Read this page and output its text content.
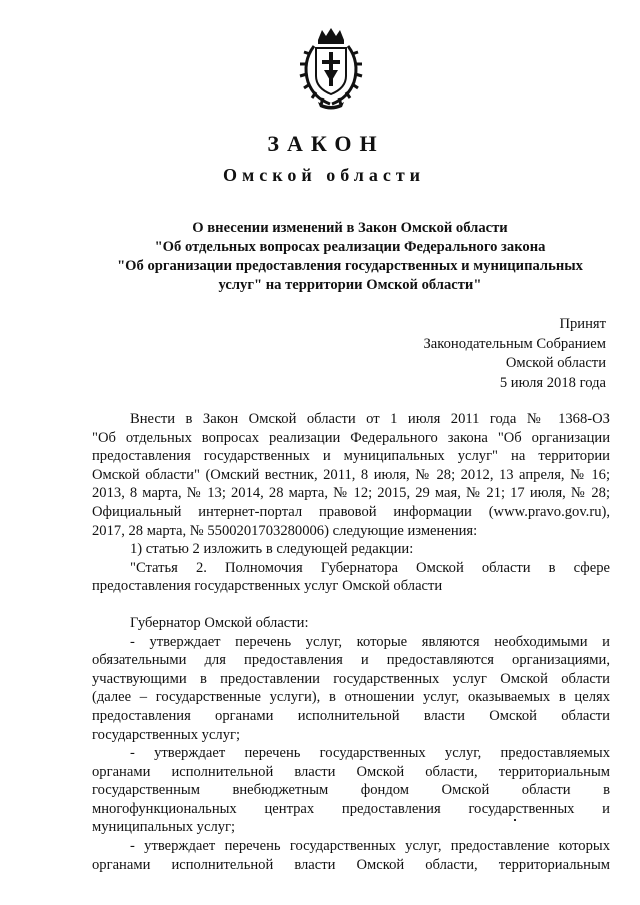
ЗАКОН
Омской области
О внесении изменений в Закон Омской области
"Об отдельных вопросах реализации Федерального закона
"Об организации предоставления государственных и муниципальных
услуг" на территории Омской области"
Принят
Законодательным Собранием
Омской области
5 июля 2018 года
Внести в Закон Омской области от 1 июля 2011 года № 1368-ОЗ
"Об отдельных вопросах реализации Федерального закона "Об организации
предоставления государственных и муниципальных услуг" на территории
Омской области" (Омский вестник, 2011, 8 июля, № 28; 2012, 13 апреля, № 16;
2013, 8 марта, № 13; 2014, 28 марта, № 12; 2015, 29 мая, № 21; 17 июля, № 28;
Официальный интернет-портал правовой информации (www.pravo.gov.ru),
2017, 28 марта, № 5500201703280006) следующие изменения:
1) статью 2 изложить в следующей редакции:
"Статья 2. Полномочия Губернатора Омской области в сфере
предоставления государственных услуг Омской области
Губернатор Омской области:
- утверждает перечень услуг, которые являются необходимыми и
обязательными для предоставления и предоставляются организациями,
участвующими в предоставлении государственных услуг Омской области
(далее – государственные услуги), в отношении услуг, оказываемых в целях
предоставления органами исполнительной власти Омской области
государственных услуг;
- утверждает перечень государственных услуг, предоставляемых
органами исполнительной власти Омской области, территориальным
государственным внебюджетным фондом Омской области в
многофункциональных центрах предоставления государственных и
муниципальных услуг;
- утверждает перечень государственных услуг, предоставление которых
органами исполнительной власти Омской области, территориальным
